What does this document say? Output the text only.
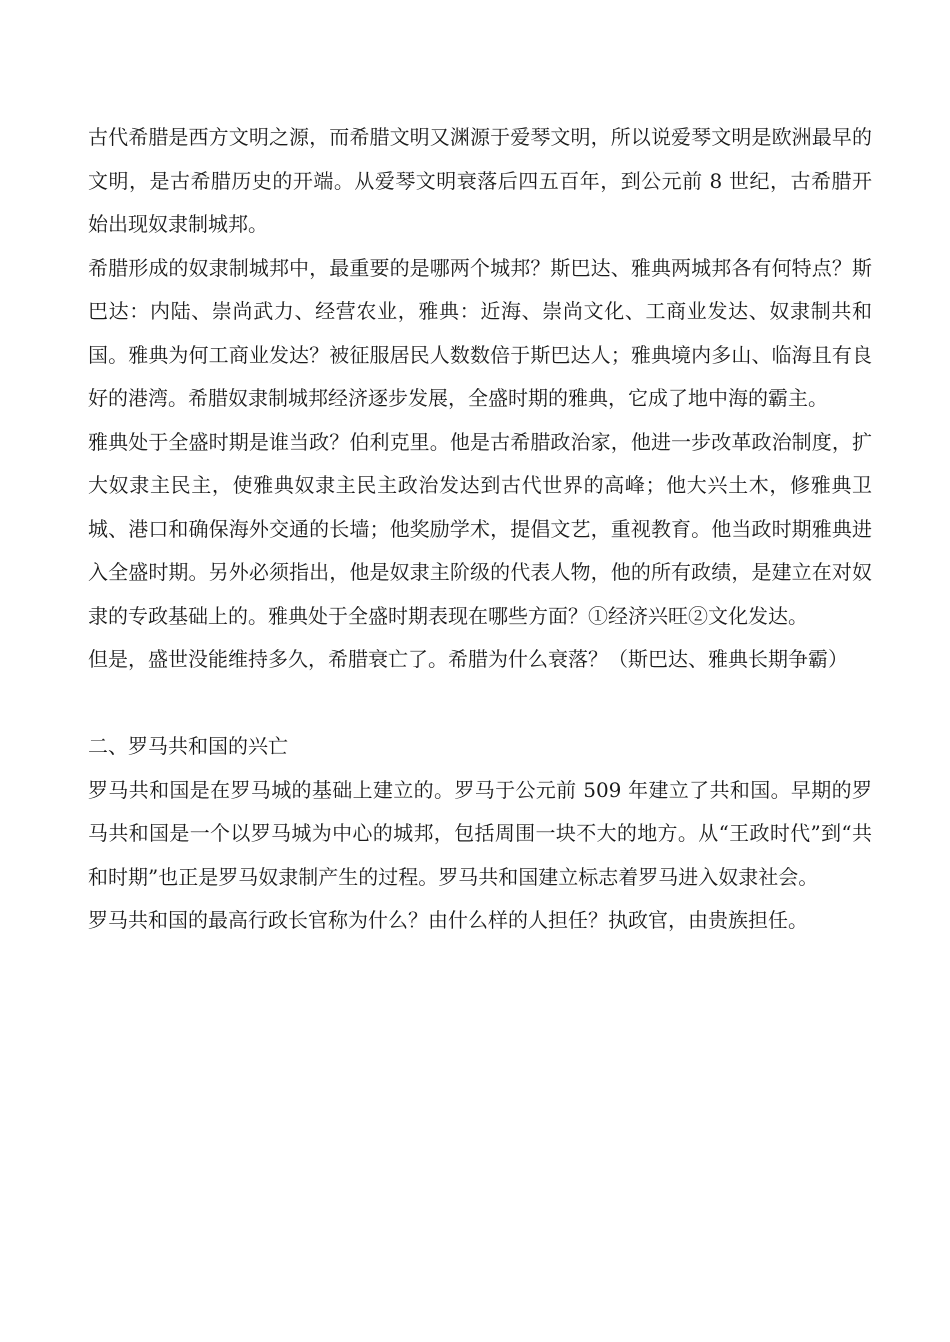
古代希腊是西方文明之源，而希腊文明又渊源于爱琴文明，所以说爱琴文明是欧洲最早的文明，是古希腊历史的开端。从爱琴文明衰落后四五百年，到公元前 8 世纪，古希腊开始出现奴隶制城邦。

希腊形成的奴隶制城邦中，最重要的是哪两个城邦？斯巴达、雅典两城邦各有何特点？斯巴达：内陆、崇尚武力、经营农业，雅典：近海、崇尚文化、工商业发达、奴隶制共和国。雅典为何工商业发达？被征服居民人数数倍于斯巴达人；雅典境内多山、临海且有良好的港湾。希腊奴隶制城邦经济逐步发展，全盛时期的雅典，它成了地中海的霸主。

雅典处于全盛时期是谁当政？伯利克里。他是古希腊政治家，他进一步改革政治制度，扩大奴隶主民主，使雅典奴隶主民主政治发达到古代世界的高峰；他大兴土木，修雅典卫城、港口和确保海外交通的长墙；他奖励学术，提倡文艺，重视教育。他当政时期雅典进入全盛时期。另外必须指出，他是奴隶主阶级的代表人物，他的所有政绩，是建立在对奴隶的专政基础上的。雅典处于全盛时期表现在哪些方面？①经济兴旺②文化发达。

但是，盛世没能维持多久，希腊衰亡了。希腊为什么衰落？（斯巴达、雅典长期争霸）

二、罗马共和国的兴亡

罗马共和国是在罗马城的基础上建立的。罗马于公元前 509 年建立了共和国。早期的罗马共和国是一个以罗马城为中心的城邦，包括周围一块不大的地方。从“王政时代”到“共和时期”也正是罗马奴隶制产生的过程。罗马共和国建立标志着罗马进入奴隶社会。

罗马共和国的最高行政长官称为什么？由什么样的人担任？执政官，由贵族担任。
